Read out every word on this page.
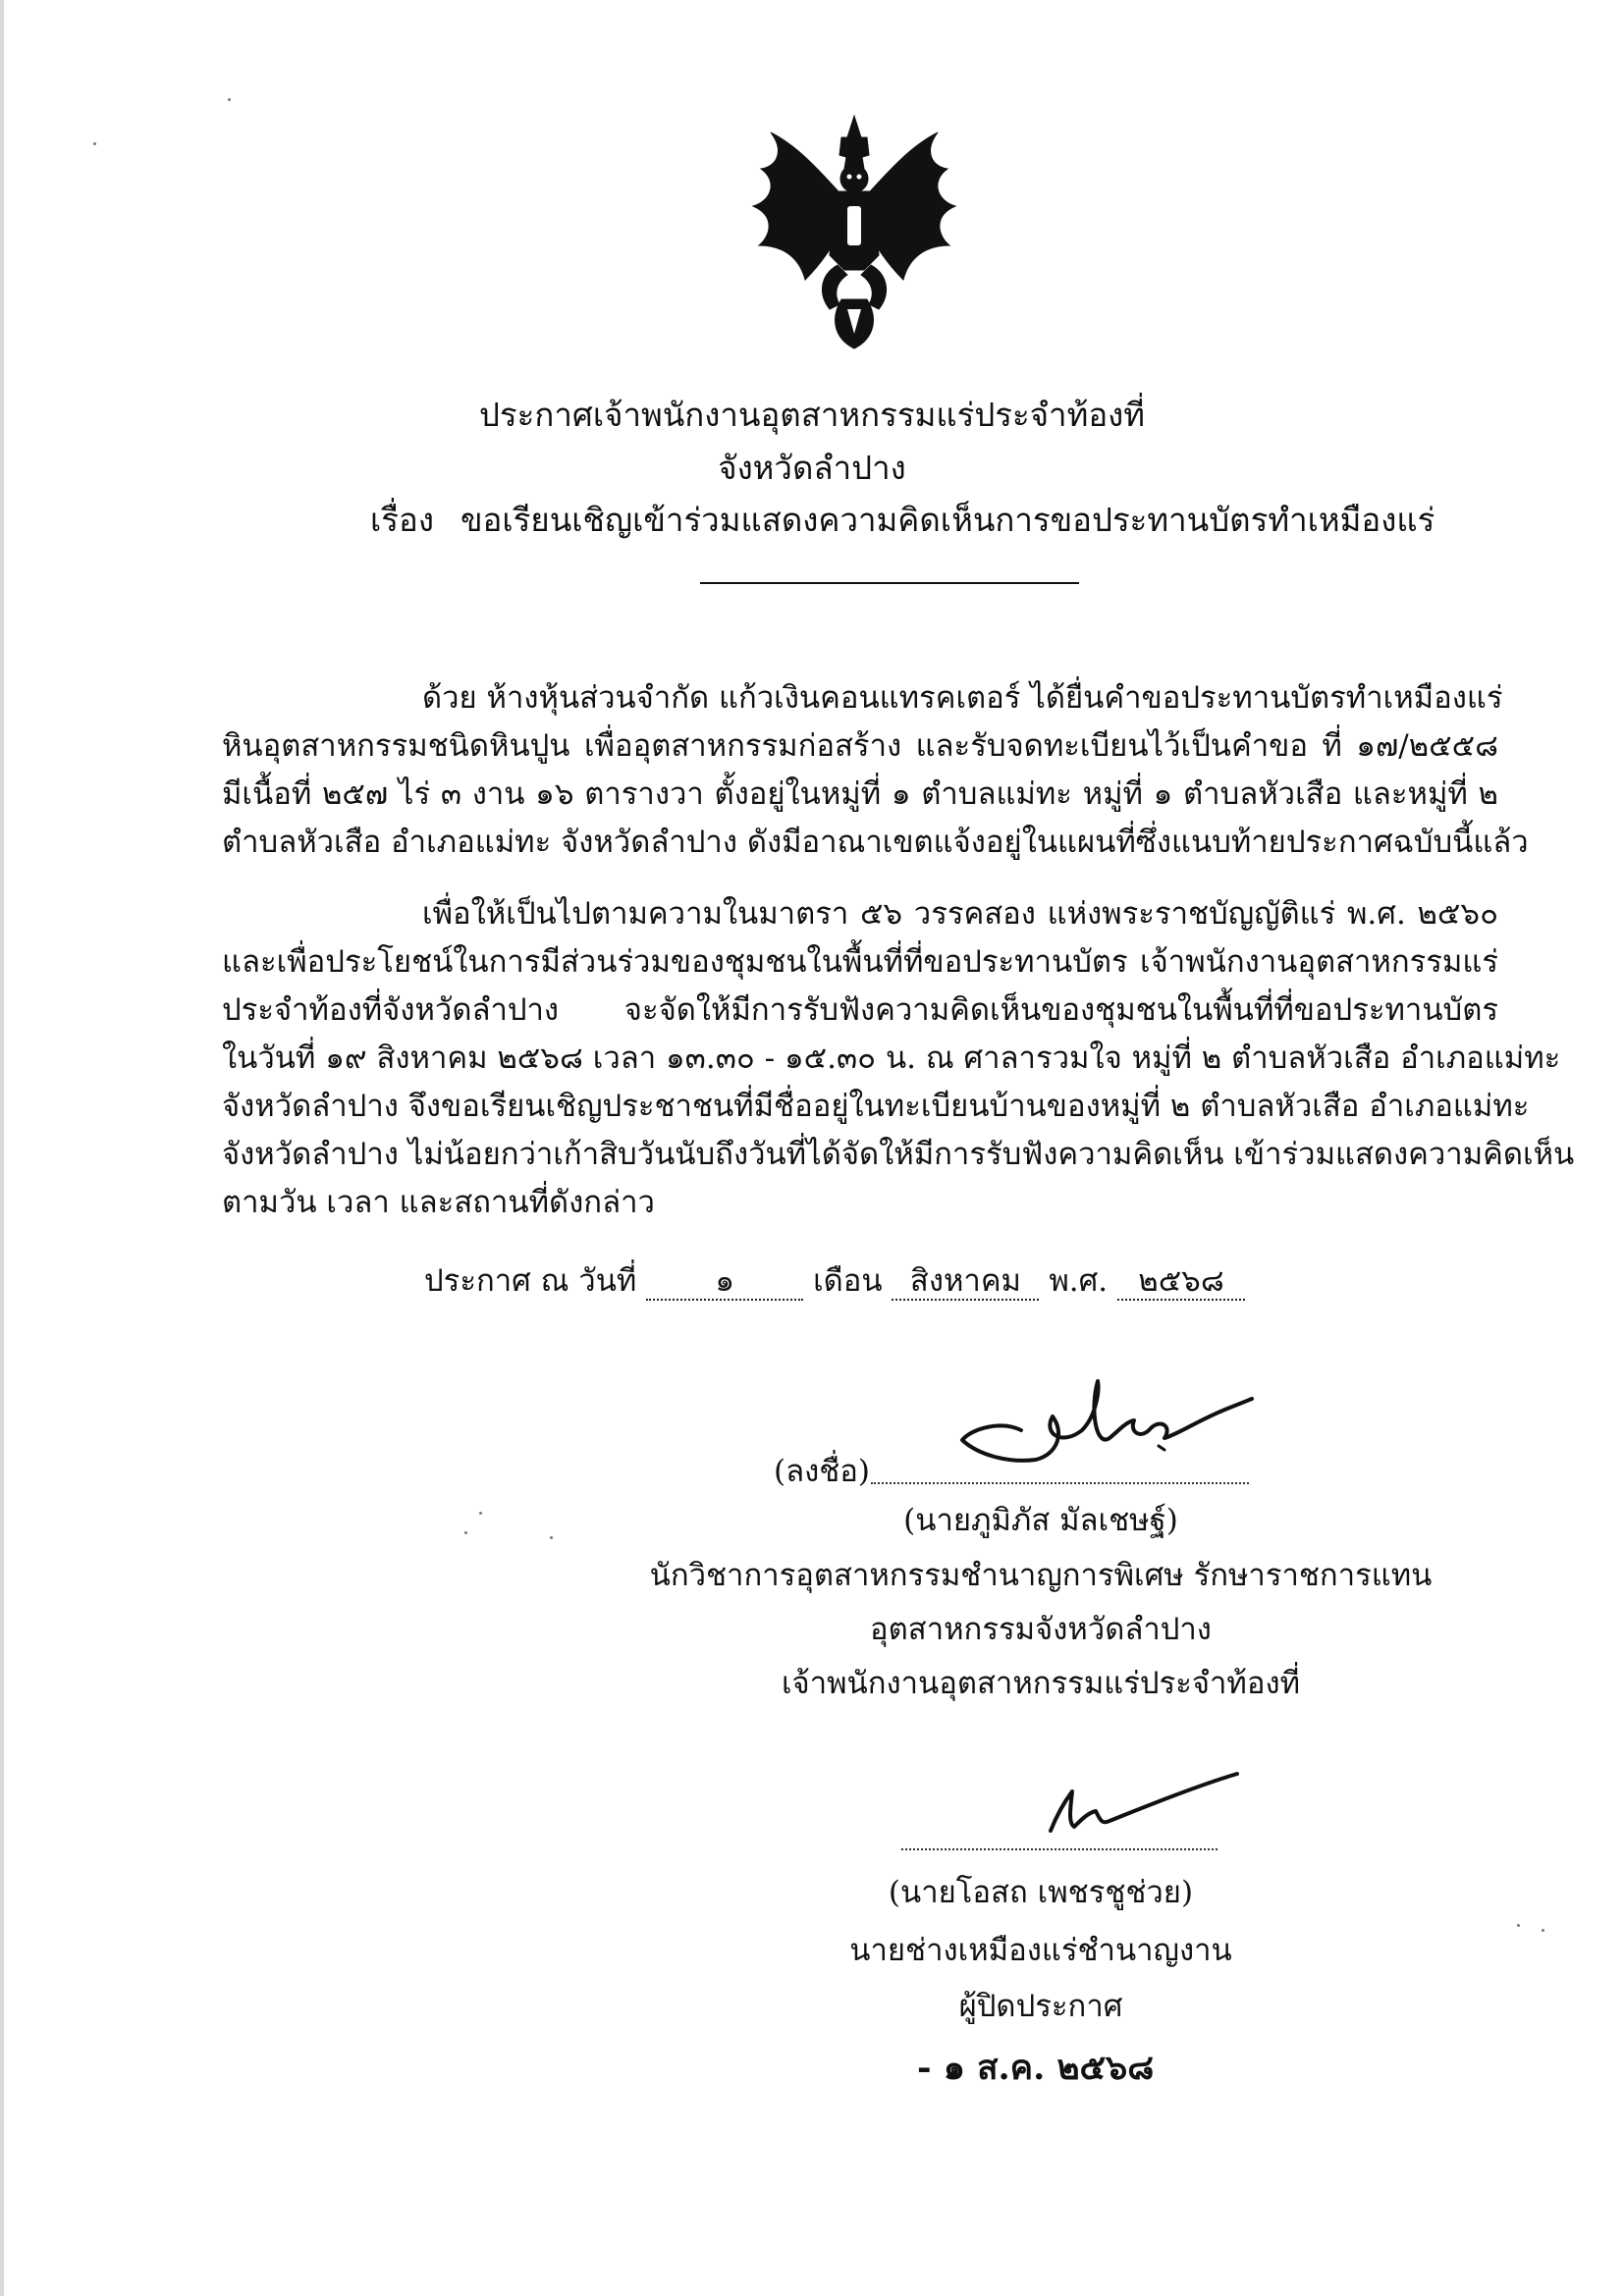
ประกาศเจ้าพนักงานอุตสาหกรรมแร่ประจำท้องที่
จังหวัดลำปาง
เรื่อง ขอเรียนเชิญเข้าร่วมแสดงความคิดเห็นการขอประทานบัตรทำเหมืองแร่
ด้วย ห้างหุ้นส่วนจำกัด แก้วเงินคอนแทรคเตอร์ ได้ยื่นคำขอประทานบัตรทำเหมืองแร่
หินอุตสาหกรรมชนิดหินปูน เพื่ออุตสาหกรรมก่อสร้าง และรับจดทะเบียนไว้เป็นคำขอ ที่ ๑๗/๒๕๕๘
มีเนื้อที่ ๒๕๗ ไร่ ๓ งาน ๑๖ ตารางวา ตั้งอยู่ในหมู่ที่ ๑ ตำบลแม่ทะ หมู่ที่ ๑ ตำบลหัวเสือ และหมู่ที่ ๒
ตำบลหัวเสือ อำเภอแม่ทะ จังหวัดลำปาง ดังมีอาณาเขตแจ้งอยู่ในแผนที่ซึ่งแนบท้ายประกาศฉบับนี้แล้ว
เพื่อให้เป็นไปตามความในมาตรา ๕๖ วรรคสอง แห่งพระราชบัญญัติแร่ พ.ศ. ๒๕๖๐
และเพื่อประโยชน์ในการมีส่วนร่วมของชุมชนในพื้นที่ที่ขอประทานบัตร เจ้าพนักงานอุตสาหกรรมแร่
ประจำท้องที่จังหวัดลำปาง จะจัดให้มีการรับฟังความคิดเห็นของชุมชนในพื้นที่ที่ขอประทานบัตร
ในวันที่ ๑๙ สิงหาคม ๒๕๖๘ เวลา ๑๓.๓๐ - ๑๕.๓๐ น. ณ ศาลารวมใจ หมู่ที่ ๒ ตำบลหัวเสือ อำเภอแม่ทะ
จังหวัดลำปาง จึงขอเรียนเชิญประชาชนที่มีชื่ออยู่ในทะเบียนบ้านของหมู่ที่ ๒ ตำบลหัวเสือ อำเภอแม่ทะ
จังหวัดลำปาง ไม่น้อยกว่าเก้าสิบวันนับถึงวันที่ได้จัดให้มีการรับฟังความคิดเห็น เข้าร่วมแสดงความคิดเห็น
ตามวัน เวลา และสถานที่ดังกล่าว
ประกาศ ณ วันที่	๑	เดือน สิงหาคม พ.ศ. ๒๕๖๘
(ลงชื่อ)
(นายภูมิภัส มัลเชษฐ์)
นักวิชาการอุตสาหกรรมชำนาญการพิเศษ รักษาราชการแทน
อุตสาหกรรมจังหวัดลำปาง
เจ้าพนักงานอุตสาหกรรมแร่ประจำท้องที่
(นายโอสถ เพชรชูช่วย)
นายช่างเหมืองแร่ชำนาญงาน
ผู้ปิดประกาศ
- ๑ ส.ค. ๒๕๖๘
